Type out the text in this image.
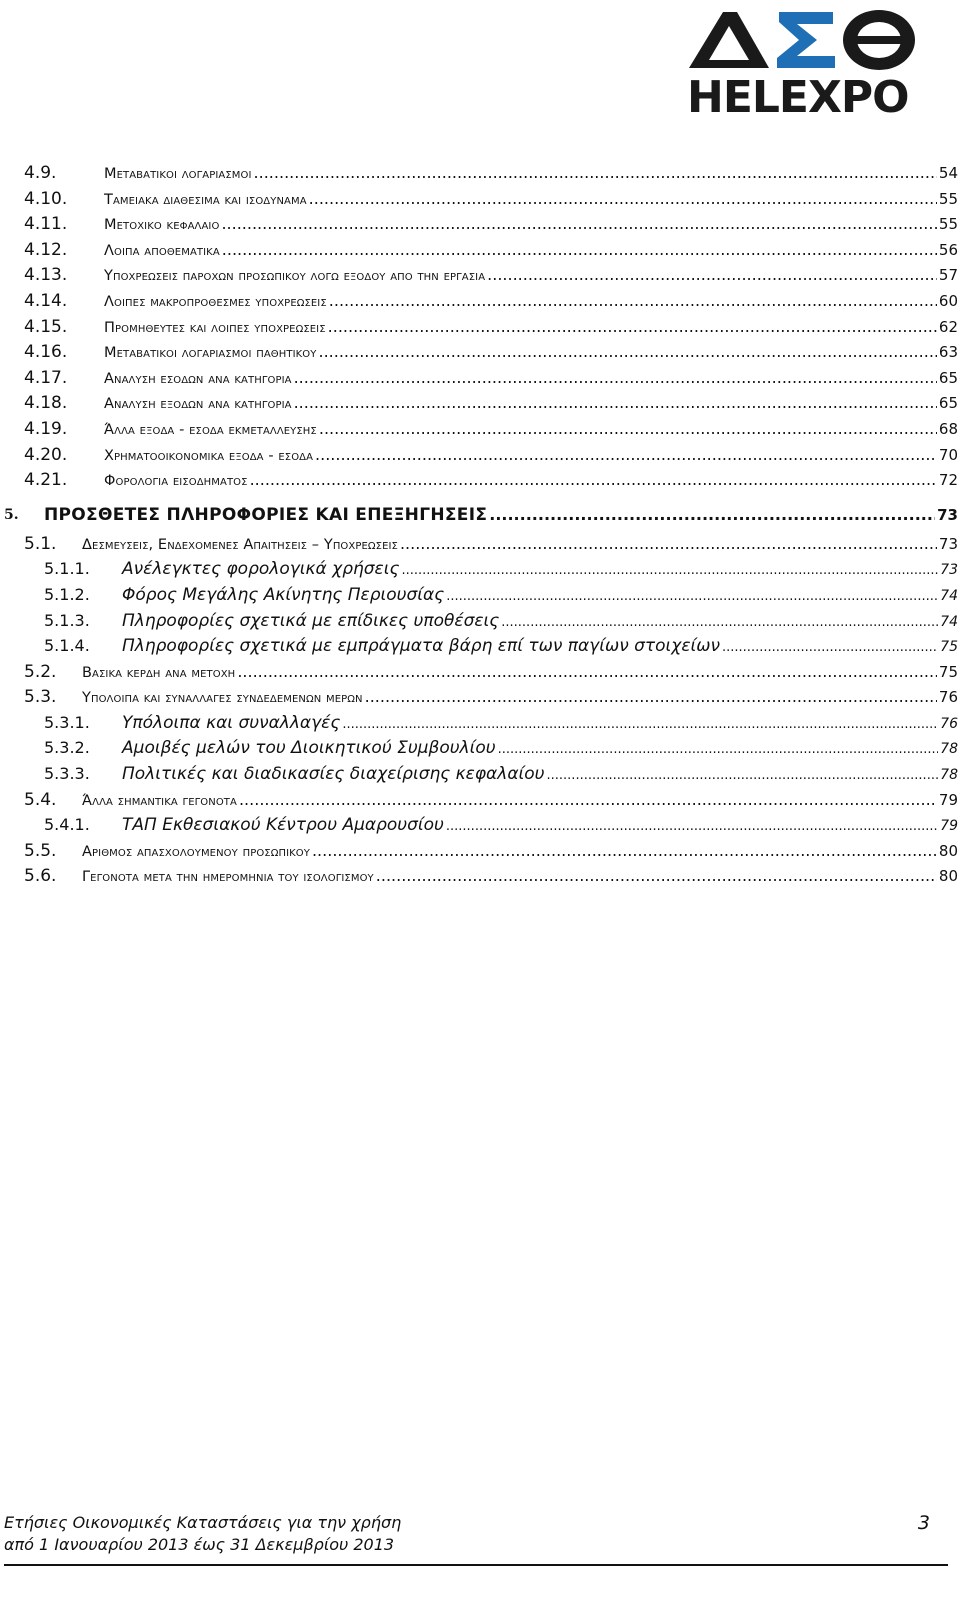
HELEXPO
4.9.	Μεταβατικοι λογαριασμοι .....	54
4.10.	Ταμειακα διαθεσιμα και ισοδυναμα .....	55
4.11.	Μετοχικο κεφαλαιο .....	55
4.12.	Λοιπα αποθεματικα .....	56
4.13.	Υποχρεωσεις παροχων προσωπικου λογω εξοδου απο την εργασια .....	57
4.14.	Λοιπες μακροπροθεσμες υποχρεωσεις .....	60
4.15.	Προμηθευτες και λοιπες υποχρεωσεις .....	62
4.16.	Μεταβατικοι λογαριασμοι παθητικου .....	63
4.17.	Αναλυση εσοδων ανα κατηγορια .....	65
4.18.	Αναλυση εξοδων ανα κατηγορια .....	65
4.19.	Άλλα εξοδα - εσοδα εκμεταλλευσης .....	68
4.20.	Χρηματοοικονομικα εξοδα - εσοδα .....	70
4.21.	Φορολογια εισοδηματος .....	72
5.	ΠΡΟΣΘΕΤΕΣ ΠΛΗΡΟΦΟΡΙΕΣ ΚΑΙ ΕΠΕΞΗΓΗΣΕΙΣ .....	73
5.1.	Δεσμευσεις, Ενδεχομενες Απαιτησεις – Υποχρεωσεις .....	73
5.1.1.	Ανέλεγκτες φορολογικά χρήσεις .....	73
5.1.2.	Φόρος Μεγάλης Ακίνητης Περιουσίας .....	74
5.1.3.	Πληροφορίες σχετικά με επίδικες υποθέσεις .....	74
5.1.4.	Πληροφορίες σχετικά με εμπράγματα βάρη επί των παγίων στοιχείων .....	75
5.2.	Βασικα κερδη ανα μετοχη .....	75
5.3.	Υπολοιπα και συναλλαγες συνδεδεμενων μερων .....	76
5.3.1.	Υπόλοιπα και συναλλαγές .....	76
5.3.2.	Αμοιβές μελών του Διοικητικού Συμβουλίου .....	78
5.3.3.	Πολιτικές και διαδικασίες διαχείρισης κεφαλαίου .....	78
5.4.	Άλλα σημαντικα γεγονοτα .....	79
5.4.1.	ΤΑΠ Εκθεσιακού Κέντρου Αμαρουσίου .....	79
5.5.	Αριθμος απασχολουμενου προσωπικου .....	80
5.6.	Γεγονοτα μετα την ημερομηνια του ισολογισμου .....	80
Ετήσιες Οικονομικές Καταστάσεις για την χρήση
από 1 Ιανουαρίου 2013 έως 31 Δεκεμβρίου 2013
3
